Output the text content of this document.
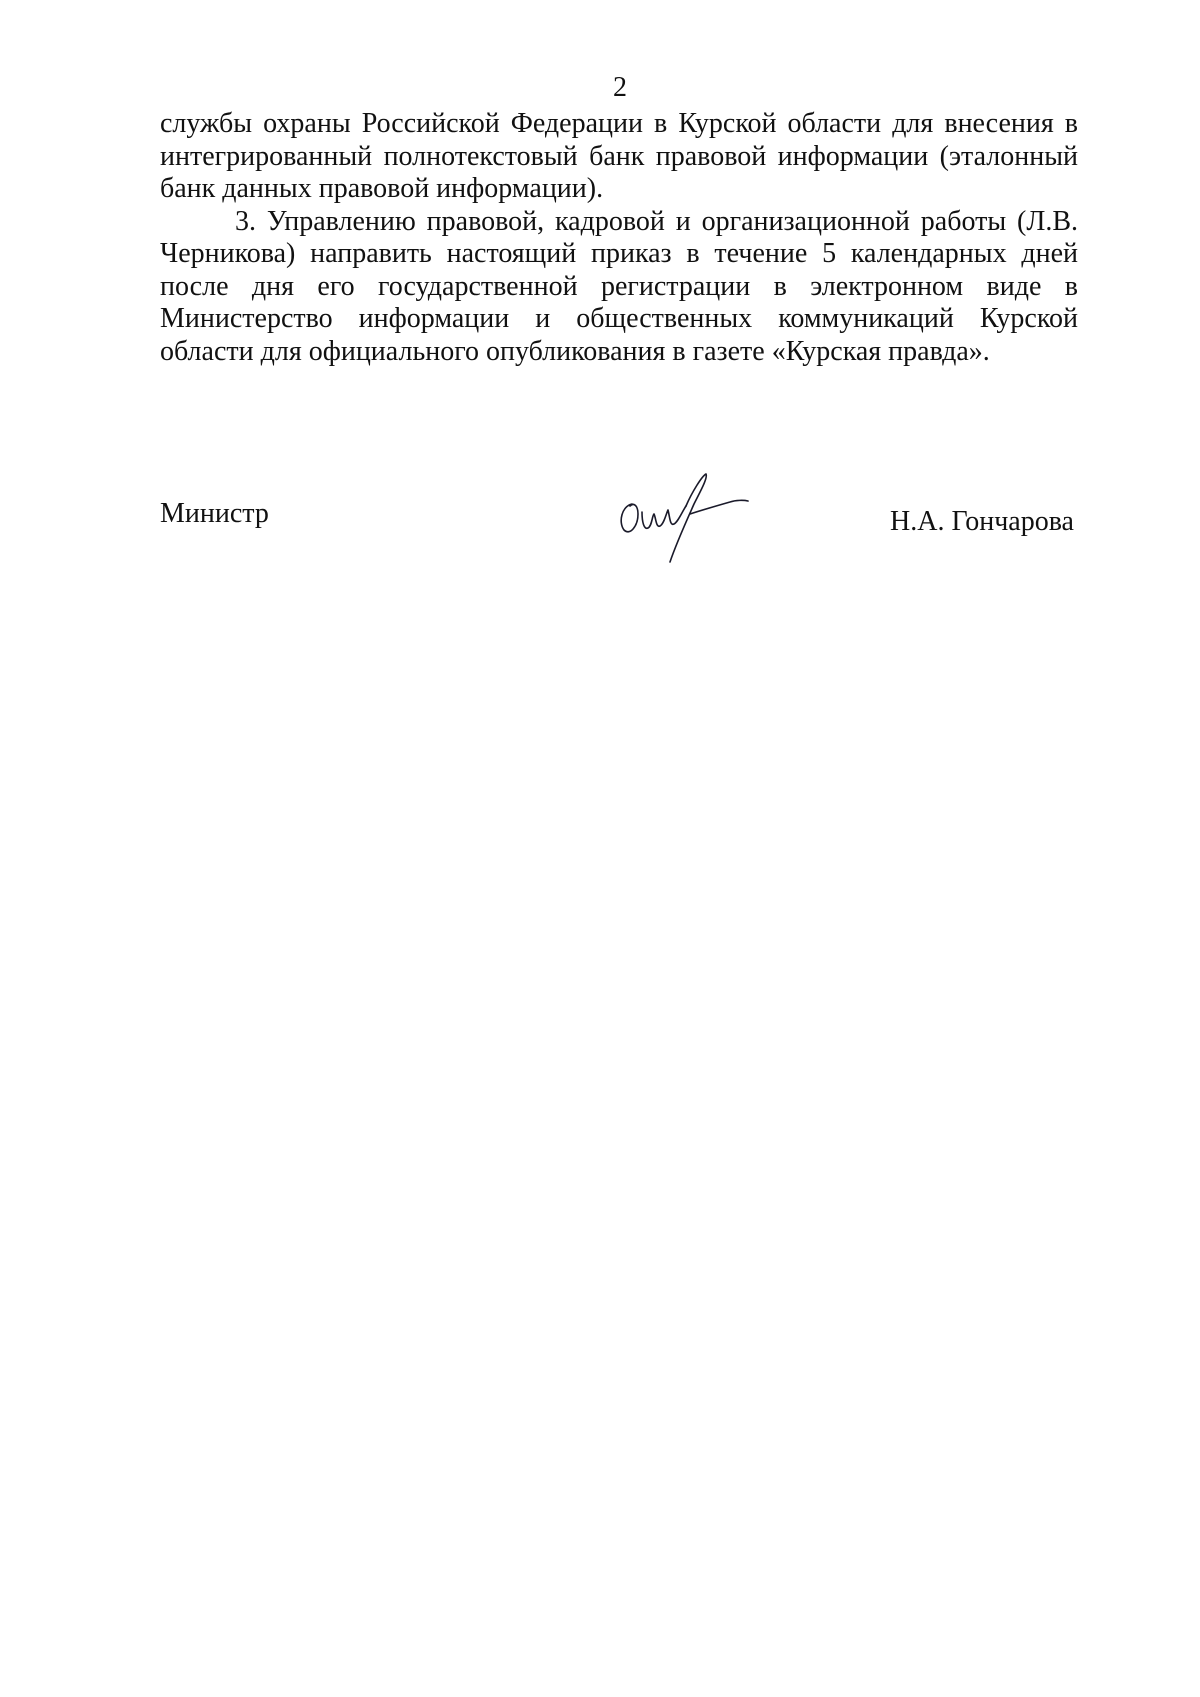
2

службы охраны Российской Федерации в Курской области для внесения в интегрированный полнотекстовый банк правовой информации (эталонный банк данных правовой информации).

3. Управлению правовой, кадровой и организационной работы (Л.В. Черникова) направить настоящий приказ в течение 5 календарных дней после дня его государственной регистрации в электронном виде в Министерство информации и общественных коммуникаций Курской области для официального опубликования в газете «Курская правда».

Министр	Н.А. Гончарова
